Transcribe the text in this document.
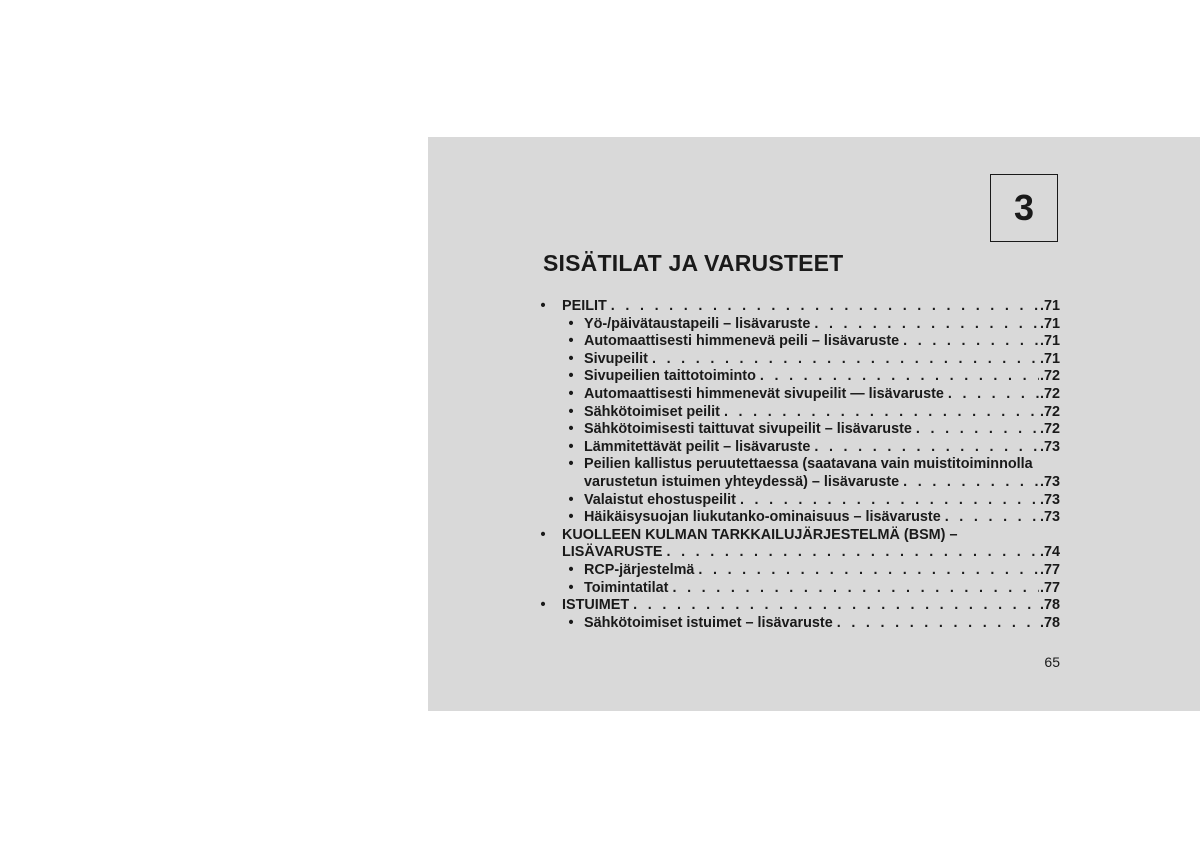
3
SISÄTILAT JA VARUSTEET
• PEILIT . . .	.71
• Yö-/päivätaustapeili – lisävaruste . . .	.71
• Automaattisesti himmenevä peili – lisävaruste . . .	.71
• Sivupeilit . . .	.71
• Sivupeilien taittotoiminto . . .	.72
• Automaattisesti himmenevät sivupeilit — lisävaruste . . .	.72
• Sähkötoimiset peilit . . .	.72
• Sähkötoimisesti taittuvat sivupeilit – lisävaruste . . .	.72
• Lämmitettävät peilit – lisävaruste . . .	.73
• Peilien kallistus peruutettaessa (saatavana vain muistitoiminnolla
varustetun istuimen yhteydessä) – lisävaruste . . .	.73
• Valaistut ehostuspeilit . . .	.73
• Häikäisysuojan liukutanko-ominaisuus – lisävaruste . . .	.73
• KUOLLEEN KULMAN TARKKAILUJÄRJESTELMÄ (BSM) –
LISÄVARUSTE . . .	.74
• RCP-järjestelmä . . .	.77
• Toimintatilat . . .	.77
• ISTUIMET . . .	.78
• Sähkötoimiset istuimet – lisävaruste . . .	.78
65
